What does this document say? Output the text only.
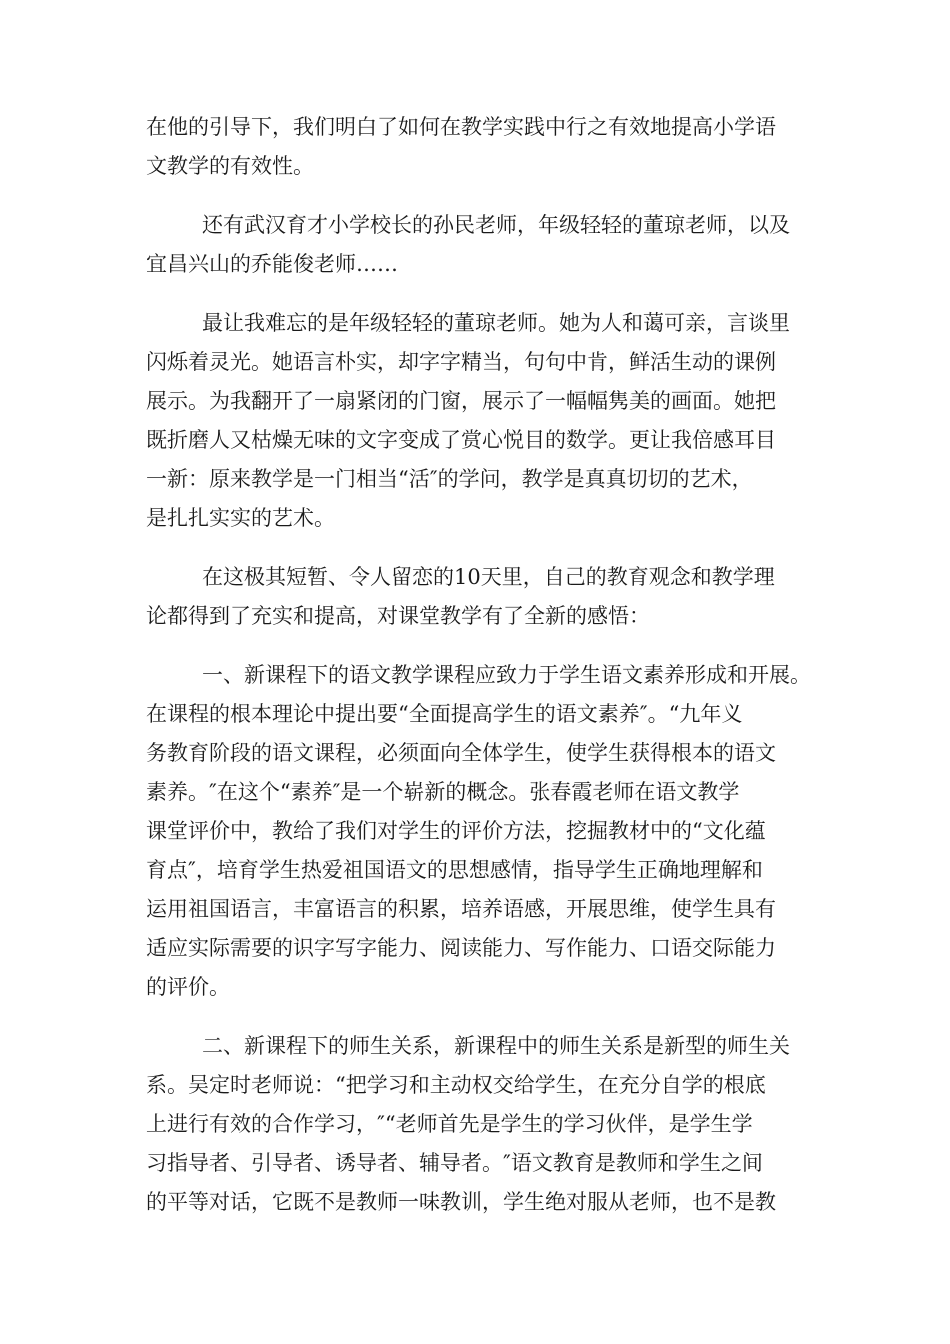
在他的引导下，我们明白了如何在教学实践中行之有效地提高小学语
文教学的有效性。
还有武汉育才小学校长的孙民老师，年级轻轻的董琼老师，以及
宜昌兴山的乔能俊老师……
最让我难忘的是年级轻轻的董琼老师。她为人和蔼可亲，言谈里
闪烁着灵光。她语言朴实，却字字精当，句句中肯，鲜活生动的课例
展示。为我翻开了一扇紧闭的门窗，展示了一幅幅隽美的画面。她把
既折磨人又枯燥无味的文字变成了赏心悦目的数学。更让我倍感耳目
一新：原来教学是一门相当“活″的学问，教学是真真切切的艺术，
是扎扎实实的艺术。
在这极其短暂、令人留恋的10天里，自己的教育观念和教学理
论都得到了充实和提高，对课堂教学有了全新的感悟：
一、新课程下的语文教学课程应致力于学生语文素养形成和开展。
在课程的根本理论中提出要“全面提高学生的语文素养″。“九年义
务教育阶段的语文课程，必须面向全体学生，使学生获得根本的语文
素养。″在这个“素养″是一个崭新的概念。张春霞老师在语文教学
课堂评价中，教给了我们对学生的评价方法，挖掘教材中的“文化蕴
育点″，培育学生热爱祖国语文的思想感情，指导学生正确地理解和
运用祖国语言，丰富语言的积累，培养语感，开展思维，使学生具有
适应实际需要的识字写字能力、阅读能力、写作能力、口语交际能力
的评价。
二、新课程下的师生关系，新课程中的师生关系是新型的师生关
系。吴定时老师说：“把学习和主动权交给学生，在充分自学的根底
上进行有效的合作学习，″“老师首先是学生的学习伙伴，是学生学
习指导者、引导者、诱导者、辅导者。″语文教育是教师和学生之间
的平等对话，它既不是教师一味教训，学生绝对服从老师，也不是教
